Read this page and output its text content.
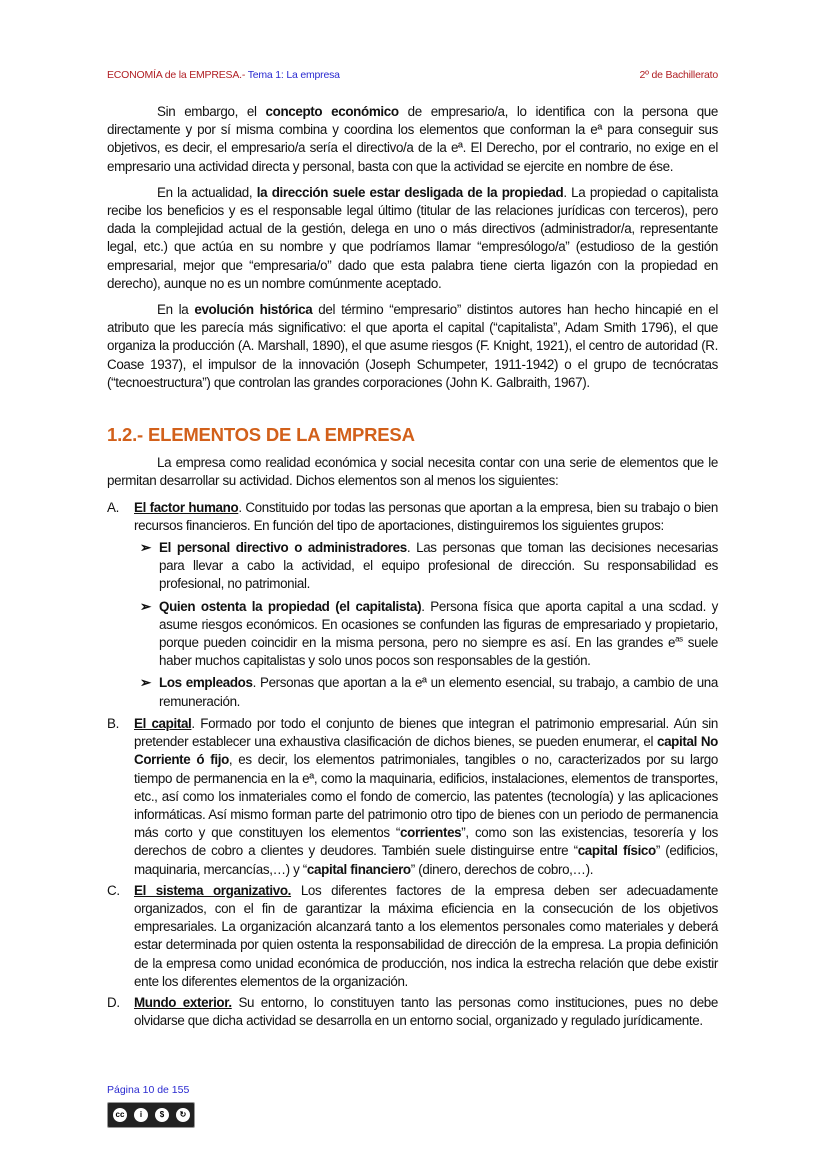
ECONOMÍA de la EMPRESA.- Tema 1: La empresa	2º de Bachillerato

Sin embargo, el concepto económico de empresario/a, lo identifica con la persona que directamente y por sí misma combina y coordina los elementos que conforman la eª para conseguir sus objetivos, es decir, el empresario/a sería el directivo/a de la eª. El Derecho, por el contrario, no exige en el empresario una actividad directa y personal, basta con que la actividad se ejercite en nombre de ése.

En la actualidad, la dirección suele estar desligada de la propiedad. La propiedad o capitalista recibe los beneficios y es el responsable legal último (titular de las relaciones jurídicas con terceros), pero dada la complejidad actual de la gestión, delega en uno o más directivos (administrador/a, representante legal, etc.) que actúa en su nombre y que podríamos llamar “empresólogo/a” (estudioso de la gestión empresarial, mejor que “empresaria/o” dado que esta palabra tiene cierta ligazón con la propiedad en derecho), aunque no es un nombre comúnmente aceptado.

En la evolución histórica del término “empresario” distintos autores han hecho hincapié en el atributo que les parecía más significativo: el que aporta el capital (“capitalista”, Adam Smith 1796), el que organiza la producción (A. Marshall, 1890), el que asume riesgos (F. Knight, 1921), el centro de autoridad (R. Coase 1937), el impulsor de la innovación (Joseph Schumpeter, 1911-1942) o el grupo de tecnócratas (“tecnoestructura”) que controlan las grandes corporaciones (John K. Galbraith, 1967).

1.2.- ELEMENTOS DE LA EMPRESA

La empresa como realidad económica y social necesita contar con una serie de elementos que le permitan desarrollar su actividad. Dichos elementos son al menos los siguientes:

A. El factor humano. Constituido por todas las personas que aportan a la empresa, bien su trabajo o bien recursos financieros. En función del tipo de aportaciones, distinguiremos los siguientes grupos:
➢ El personal directivo o administradores. Las personas que toman las decisiones necesarias para llevar a cabo la actividad, el equipo profesional de dirección. Su responsabilidad es profesional, no patrimonial.
➢ Quien ostenta la propiedad (el capitalista). Persona física que aporta capital a una scdad. y asume riesgos económicos. En ocasiones se confunden las figuras de empresariado y propietario, porque pueden coincidir en la misma persona, pero no siempre es así. En las grandes $e^{as}$ suele haber muchos capitalistas y solo unos pocos son responsables de la gestión.
➢ Los empleados. Personas que aportan a la eª un elemento esencial, su trabajo, a cambio de una remuneración.
B. El capital. Formado por todo el conjunto de bienes que integran el patrimonio empresarial. Aún sin pretender establecer una exhaustiva clasificación de dichos bienes, se pueden enumerar, el capital No Corriente ó fijo, es decir, los elementos patrimoniales, tangibles o no, caracterizados por su largo tiempo de permanencia en la eª, como la maquinaria, edificios, instalaciones, elementos de transportes, etc., así como los inmateriales como el fondo de comercio, las patentes (tecnología) y las aplicaciones informáticas. Así mismo forman parte del patrimonio otro tipo de bienes con un periodo de permanencia más corto y que constituyen los elementos “corrientes”, como son las existencias, tesorería y los derechos de cobro a clientes y deudores. También suele distinguirse entre “capital físico” (edificios, maquinaria, mercancías,…) y “capital financiero” (dinero, derechos de cobro,…).
C. El sistema organizativo. Los diferentes factores de la empresa deben ser adecuadamente organizados, con el fin de garantizar la máxima eficiencia en la consecución de los objetivos empresariales. La organización alcanzará tanto a los elementos personales como materiales y deberá estar determinada por quien ostenta la responsabilidad de dirección de la empresa. La propia definición de la empresa como unidad económica de producción, nos indica la estrecha relación que debe existir ente los diferentes elementos de la organización.
D. Mundo exterior. Su entorno, lo constituyen tanto las personas como instituciones, pues no debe olvidarse que dicha actividad se desarrolla en un entorno social, organizado y regulado jurídicamente.
Página 10 de 155
cc	i	$	↻
